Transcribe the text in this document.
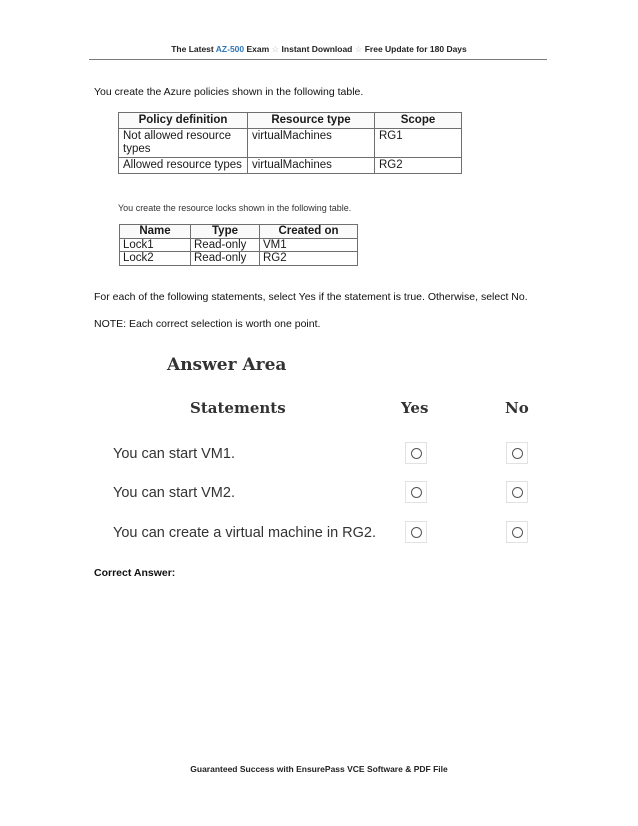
The Latest AZ-500 Exam ☆ Instant Download ☆ Free Update for 180 Days
You create the Azure policies shown in the following table.
Policy definition	Resource type	Scope
Not allowed resource types	virtualMachines	RG1
Allowed resource types	virtualMachines	RG2
You create the resource locks shown in the following table.
Name	Type	Created on
Lock1	Read-only	VM1
Lock2	Read-only	RG2
For each of the following statements, select Yes if the statement is true. Otherwise, select No.
NOTE: Each correct selection is worth one point.
Answer Area
Statements	Yes	No
You can start VM1.
You can start VM2.
You can create a virtual machine in RG2.
Correct Answer:
Guaranteed Success with EnsurePass VCE Software & PDF File
